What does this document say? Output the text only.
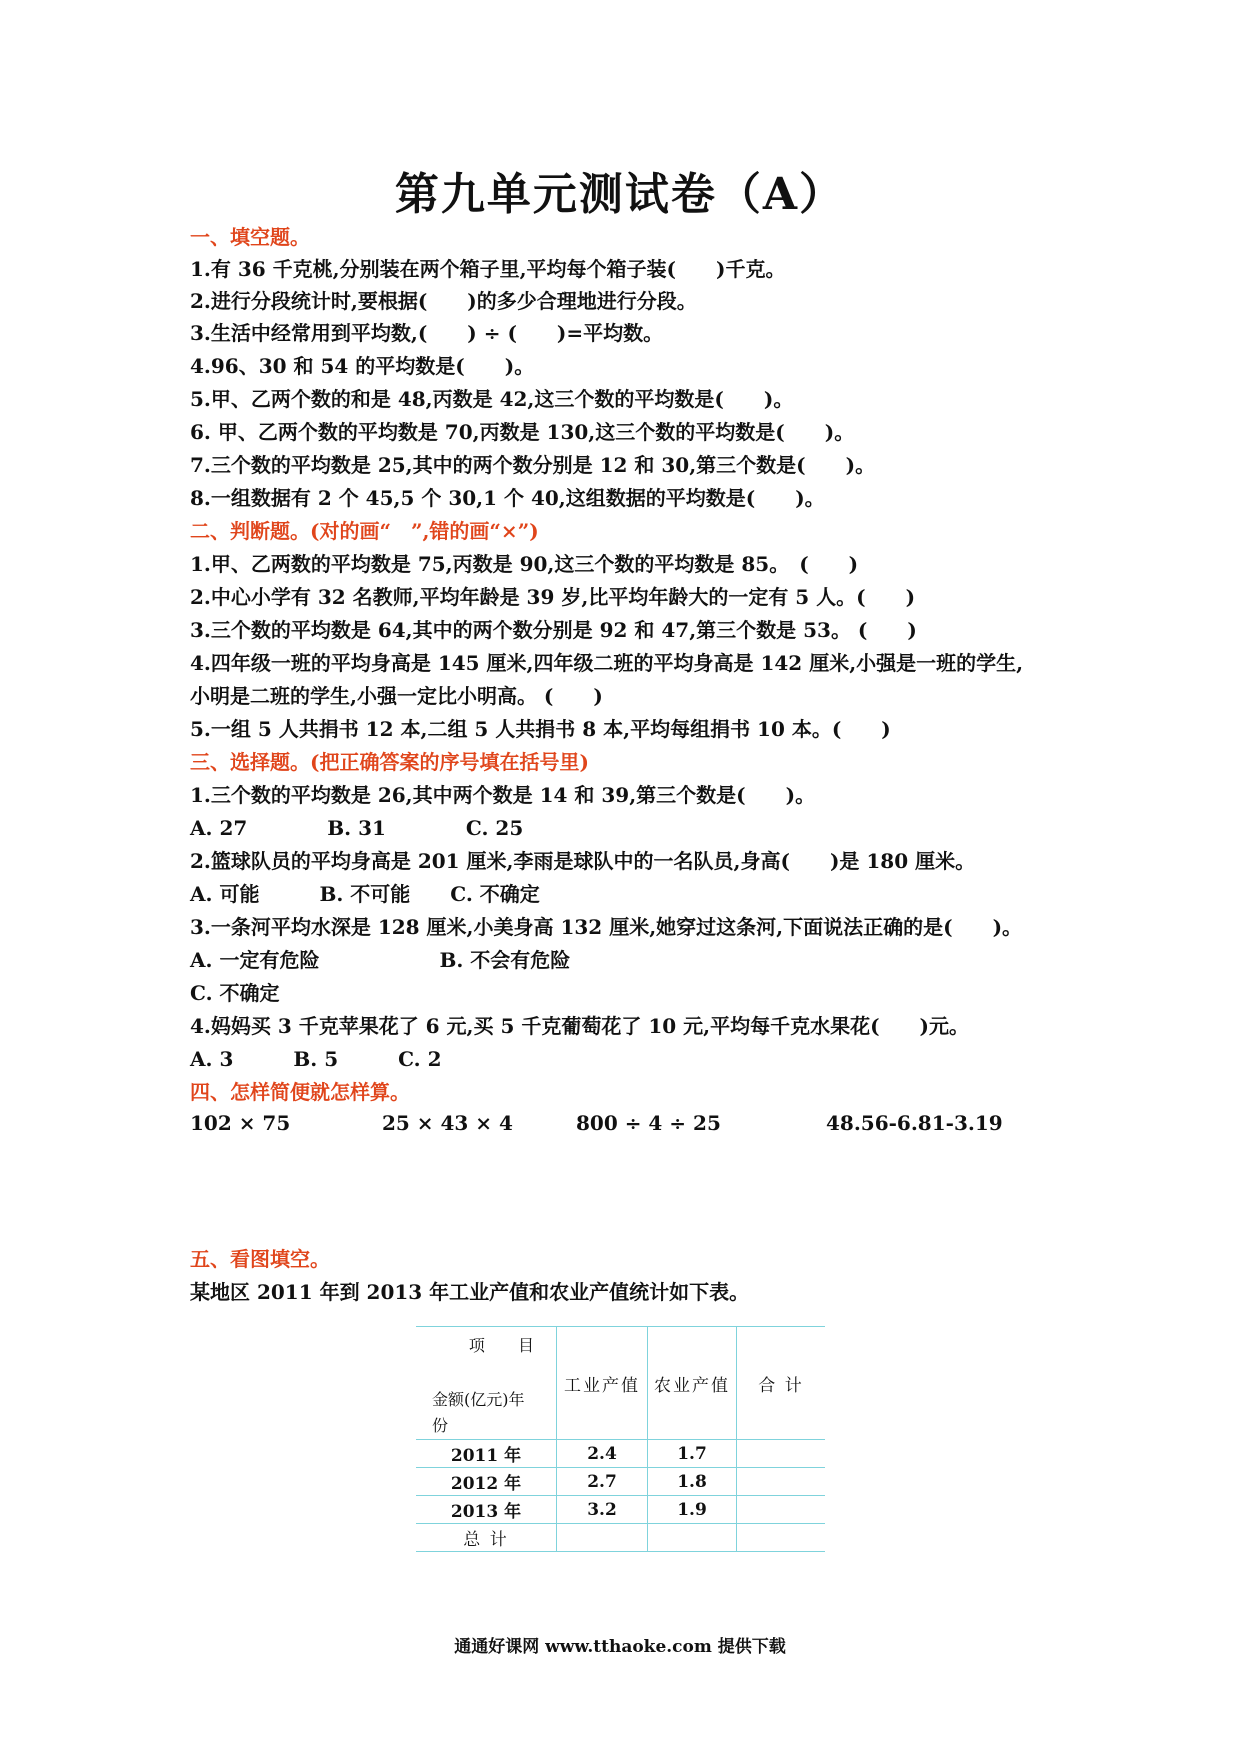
第九单元测试卷（A）
一、填空题。
1.有 36 千克桃,分别装在两个箱子里,平均每个箱子装(　　)千克。
2.进行分段统计时,要根据(　　)的多少合理地进行分段。
3.生活中经常用到平均数,(　　) ÷ (　　)=平均数。
4.96、30 和 54 的平均数是(　　)。
5.甲、乙两个数的和是 48,丙数是 42,这三个数的平均数是(　　)。
6. 甲、乙两个数的平均数是 70,丙数是 130,这三个数的平均数是(　　)。
7.三个数的平均数是 25,其中的两个数分别是 12 和 30,第三个数是(　　)。
8.一组数据有 2 个 45,5 个 30,1 个 40,这组数据的平均数是(　　)。
二、判断题。(对的画“　”,错的画“×”)
1.甲、乙两数的平均数是 75,丙数是 90,这三个数的平均数是 85。　(　　)
2.中心小学有 32 名教师,平均年龄是 39 岁,比平均年龄大的一定有 5 人。(　　)
3.三个数的平均数是 64,其中的两个数分别是 92 和 47,第三个数是 53。 (　　)
4.四年级一班的平均身高是 145 厘米,四年级二班的平均身高是 142 厘米,小强是一班的学生,
小明是二班的学生,小强一定比小明高。 (　　)
5.一组 5 人共捐书 12 本,二组 5 人共捐书 8 本,平均每组捐书 10 本。(　　)
三、选择题。(把正确答案的序号填在括号里)
1.三个数的平均数是 26,其中两个数是 14 和 39,第三个数是(　　)。
A. 27　　　　B. 31　　　　C. 25
2.篮球队员的平均身高是 201 厘米,李雨是球队中的一名队员,身高(　　)是 180 厘米。
A. 可能　　　B. 不可能　　C. 不确定
3.一条河平均水深是 128 厘米,小美身高 132 厘米,她穿过这条河,下面说法正确的是(　　)。
A. 一定有危险　　　　　　B. 不会有危险
C. 不确定
4.妈妈买 3 千克苹果花了 6 元,买 5 千克葡萄花了 10 元,平均每千克水果花(　　)元。
A. 3　　　B. 5　　　C. 2
四、怎样简便就怎样算。
102 × 75	25 × 43 × 4	800 ÷ 4 ÷ 25	48.56-6.81-3.19
五、看图填空。
某地区 2011 年到 2013 年工业产值和农业产值统计如下表。
项 目
金额(亿元)年
份	工业产值	农业产值	合 计
2011 年	2.4	1.7	
2012 年	2.7	1.8	
2013 年	3.2	1.9	
总 计			
通通好课网 www.tthaoke.com 提供下载
